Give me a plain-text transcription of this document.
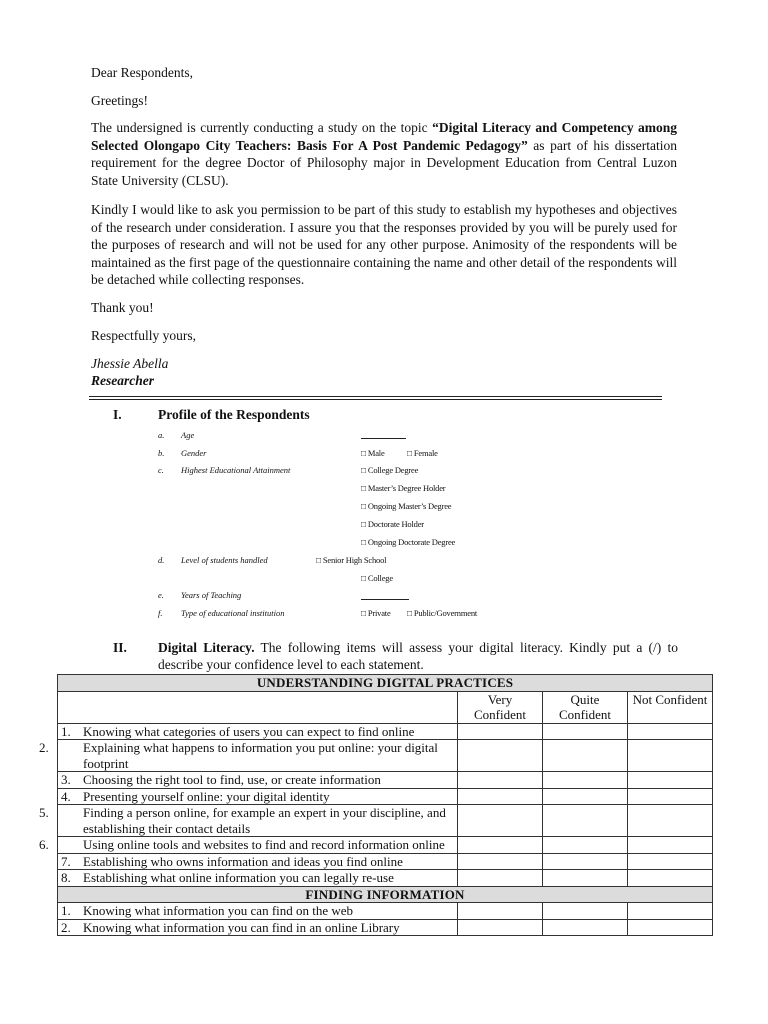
Dear Respondents,

Greetings!

The undersigned is currently conducting a study on the topic “Digital Literacy and Competency among Selected Olongapo City Teachers: Basis For A Post Pandemic Pedagogy” as part of his dissertation requirement for the degree Doctor of Philosophy major in Development Education from Central Luzon State University (CLSU).

Kindly I would like to ask you permission to be part of this study to establish my hypotheses and objectives of the research under consideration. I assure you that the responses provided by you will be purely used for the purposes of research and will not be used for any other purpose. Animosity of the respondents will be maintained as the first page of the questionnaire containing the name and other detail of the respondents will be detached while collecting responses.

Thank you!

Respectfully yours,

Jhessie Abella

Researcher

I.	Profile of the Respondents
a. Age
b. Gender	□ Male	□ Female
c. Highest Educational Attainment	□ College Degree
□ Master’s Degree Holder
□ Ongoing Master’s Degree
□ Doctorate Holder
□ Ongoing Doctorate Degree
d. Level of students handled	□ Senior High School
□ College
e. Years of Teaching
f. Type of educational institution	□ Private □ Public/Government
II. Digital Literacy. The following items will assess your digital literacy. Kindly put a (/) to describe your confidence level to each statement.
UNDERSTANDING DIGITAL PRACTICES			
	Very Confident	Quite Confident	Not Confident
1. Knowing what categories of users you can expect to find online			
2. Explaining what happens to information you put online: your digital footprint			
3. Choosing the right tool to find, use, or create information			
4. Presenting yourself online: your digital identity			
5. Finding a person online, for example an expert in your discipline, and establishing their contact details			
6. Using online tools and websites to find and record information online			
7. Establishing who owns information and ideas you find online			
8. Establishing what online information you can legally re-use			
FINDING INFORMATION			
1. Knowing what information you can find on the web			
2. Knowing what information you can find in an online Library			
